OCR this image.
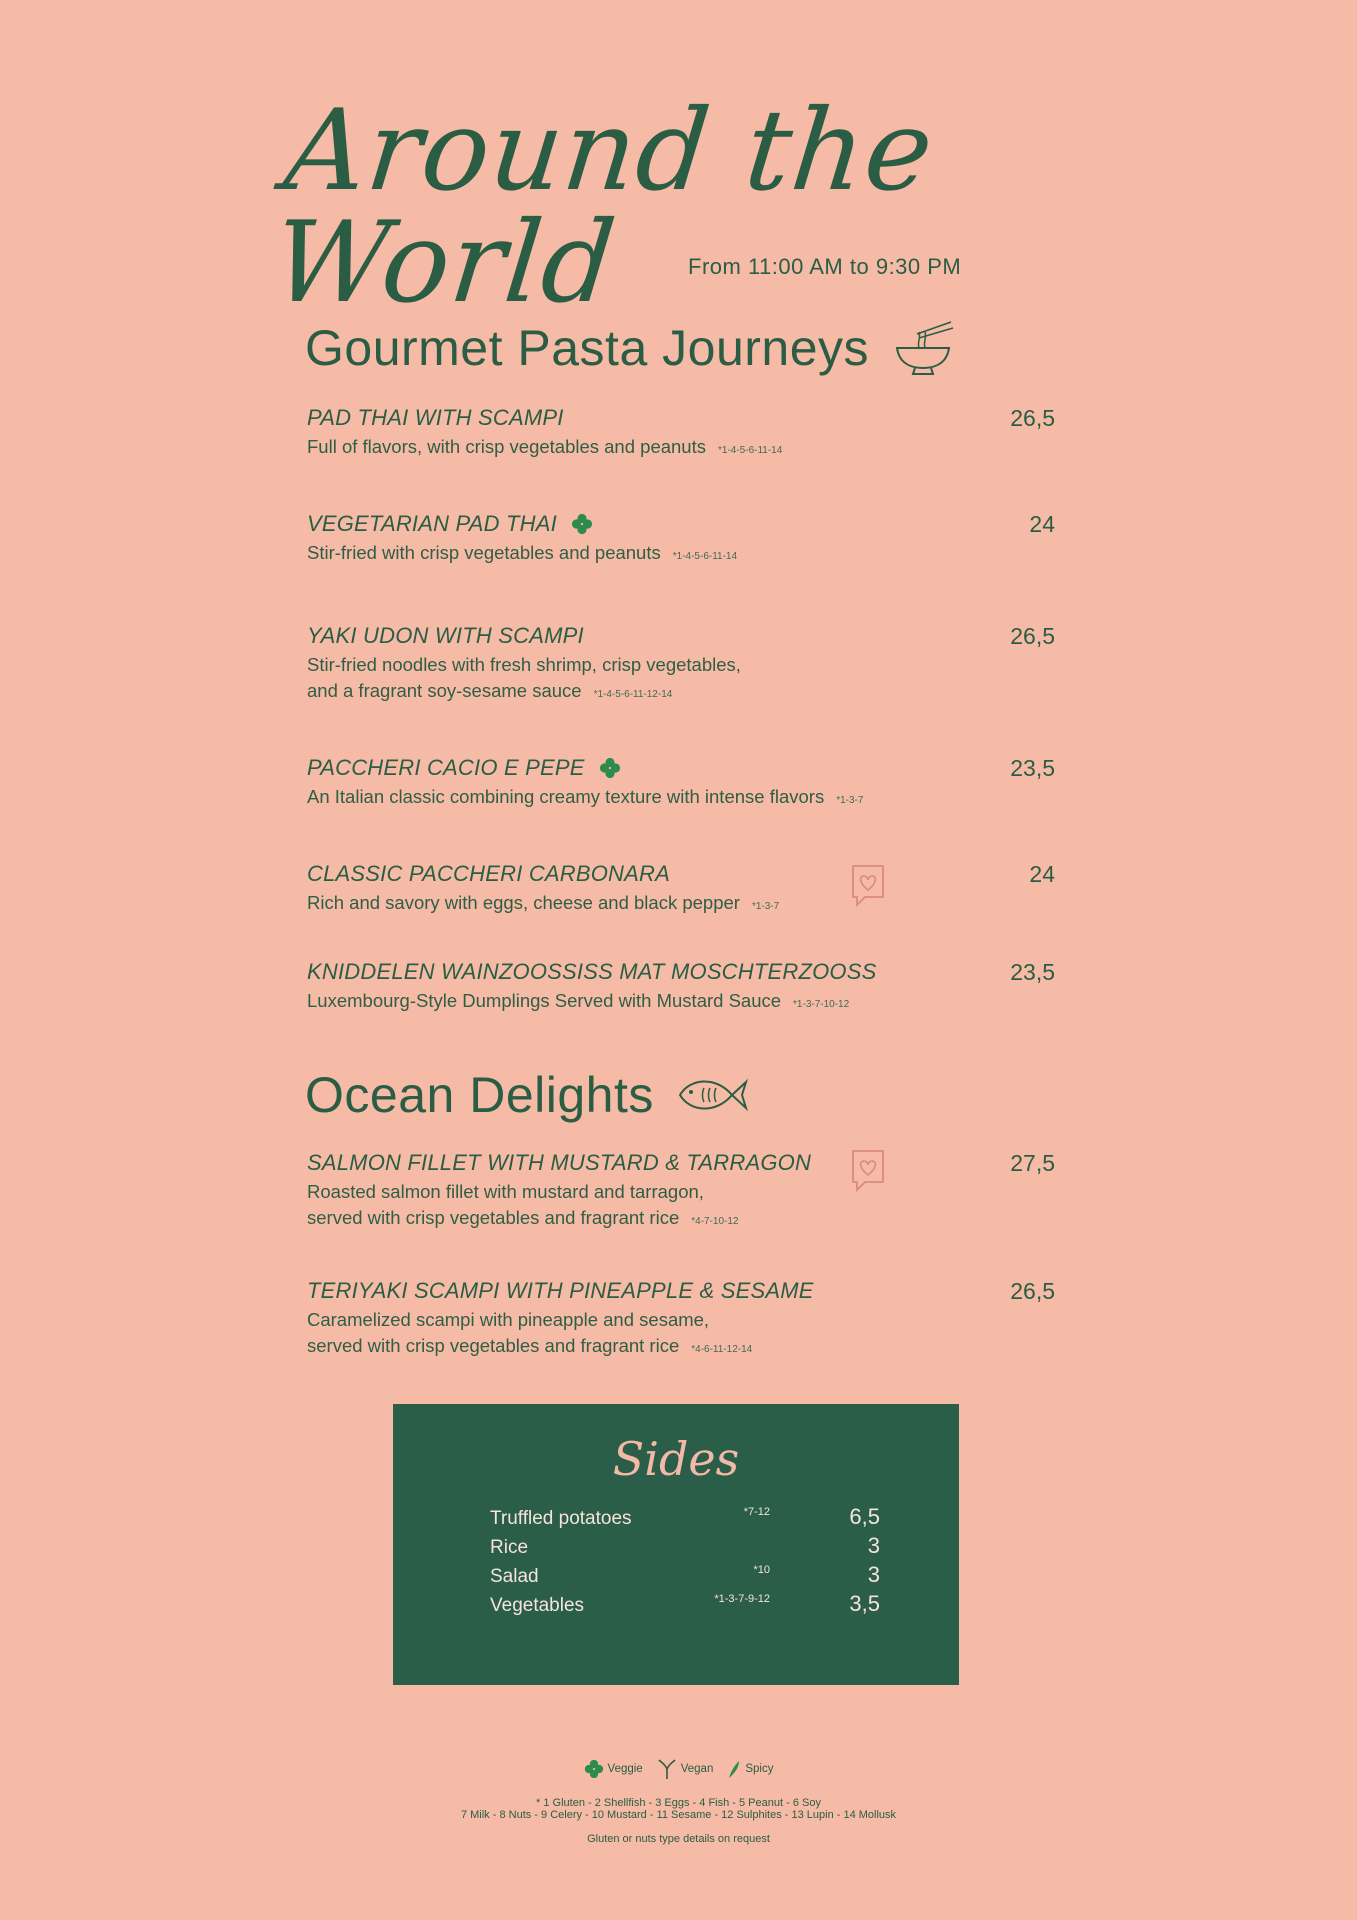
Around the World	From 11:00 AM to 9:30 PM
Gourmet Pasta Journeys
PAD THAI WITH SCAMPI
Full of flavors, with crisp vegetables and peanuts *1-4-5-6-11-14
26,5
VEGETARIAN PAD THAI
Stir-fried with crisp vegetables and peanuts *1-4-5-6-11-14
24
YAKI UDON WITH SCAMPI
Stir-fried noodles with fresh shrimp, crisp vegetables,
and a fragrant soy-sesame sauce *1-4-5-6-11-12-14
26,5
PACCHERI CACIO E PEPE
An Italian classic combining creamy texture with intense flavors *1-3-7
23,5
CLASSIC PACCHERI CARBONARA
Rich and savory with eggs, cheese and black pepper *1-3-7
24
KNIDDELEN WAINZOOSSISS MAT MOSCHTERZOOSS
Luxembourg-Style Dumplings Served with Mustard Sauce *1-3-7-10-12
23,5
Ocean Delights
SALMON FILLET WITH MUSTARD & TARRAGON
Roasted salmon fillet with mustard and tarragon,
served with crisp vegetables and fragrant rice *4-7-10-12
27,5
TERIYAKI SCAMPI WITH PINEAPPLE & SESAME
Caramelized scampi with pineapple and sesame,
served with crisp vegetables and fragrant rice *4-6-11-12-14
26,5
Sides
Truffled potatoes	*7-12	6,5
Rice	3
Salad	*10	3
Vegetables	*1-3-7-9-12	3,5
Veggie	Vegan	Spicy
* 1 Gluten - 2 Shellfish - 3 Eggs - 4 Fish - 5 Peanut - 6 Soy
7 Milk - 8 Nuts - 9 Celery - 10 Mustard - 11 Sesame - 12 Sulphites - 13 Lupin - 14 Mollusk
Gluten or nuts type details on request
